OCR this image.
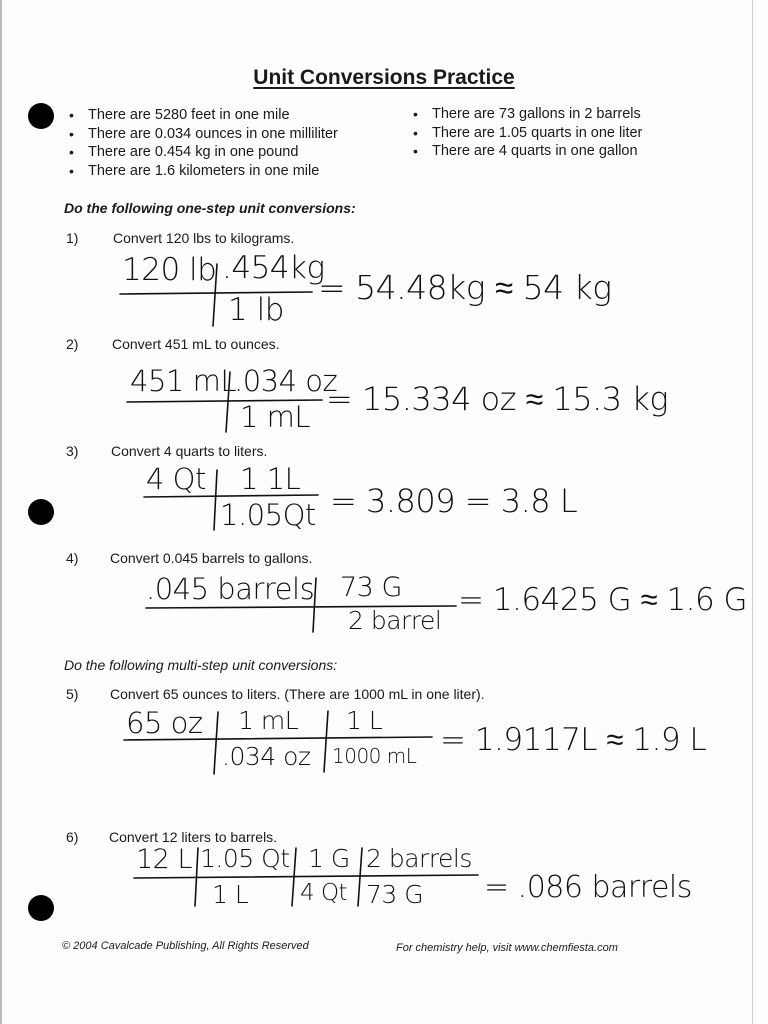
Unit Conversions Practice
• There are 5280 feet in one mile
• There are 0.034 ounces in one milliliter
• There are 0.454 kg in one pound
• There are 1.6 kilometers in one mile
• There are 73 gallons in 2 barrels
• There are 1.05 quarts in one liter
• There are 4 quarts in one gallon
Do the following one-step unit conversions:
1) Convert 120 lbs to kilograms.
2) Convert 451 mL to ounces.
3) Convert 4 quarts to liters.
4) Convert 0.045 barrels to gallons.
Do the following multi-step unit conversions:
5) Convert 65 ounces to liters. (There are 1000 mL in one liter).
6) Convert 12 liters to barrels.
120 lb .454kg
1 lb
= 54.48kg ≈ 54 kg
451 mL
.034 oz
1 mL = 15.334 oz ≈ 15.3 kg
4 Qt 1 1L
1.05Qt = 3.809 = 3.8 L
.045 barrels 73 G
2 barrel
= 1.6425 G ≈ 1.6 G
65 oz 1 mL
.034 oz
1 L
1000 mL = 1.9117L ≈ 1.9 L
12 L 1.05 Qt
1 L
1 G
4 Qt
2 barrels
73 G = .086 barrels
© 2004 Cavalcade Publishing, All Rights Reserved	For chemistry help, visit www.chemfiesta.com
